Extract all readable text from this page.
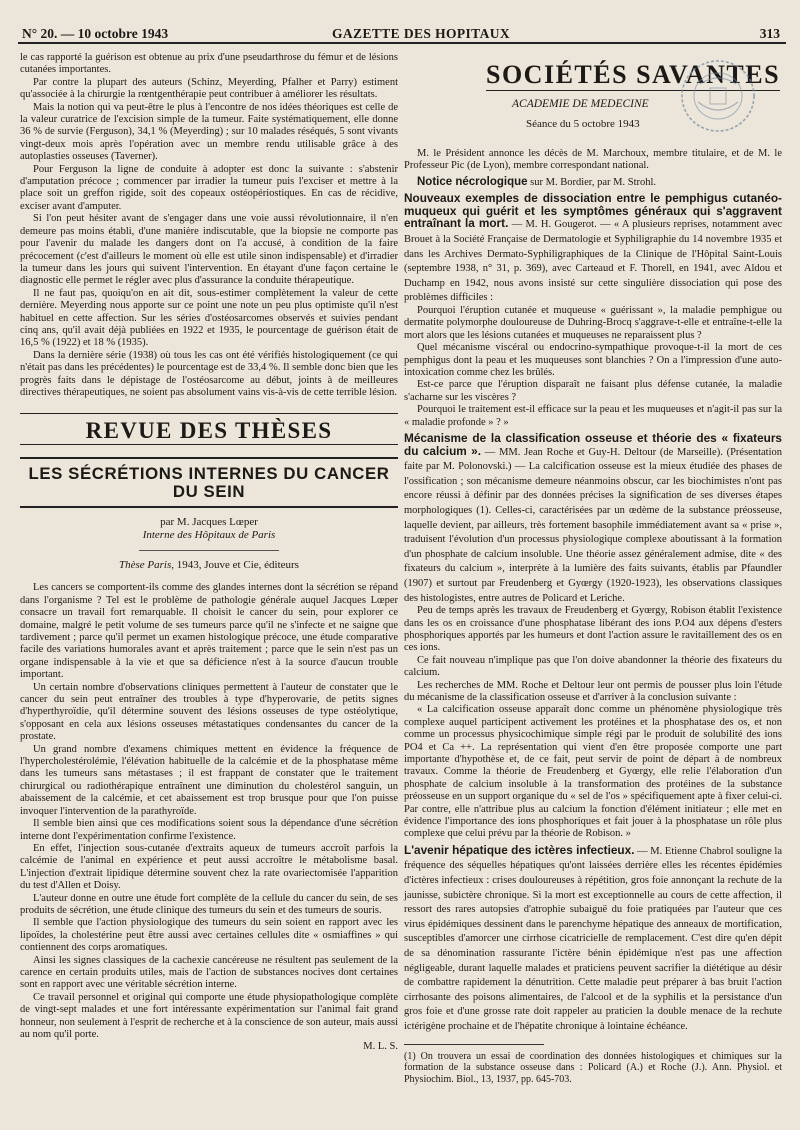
N° 20. — 10 octobre 1943	GAZETTE DES HOPITAUX	313

le cas rapporté la guérison est obtenue au prix d'une pseudarthrose du fémur et de lésions cutanées importantes.

Par contre la plupart des auteurs (Schinz, Meyerding, Pfalher et Parry) estiment qu'associée à la chirurgie la rœntgenthérapie peut contribuer à améliorer les résultats.

Mais la notion qui va peut-être le plus à l'encontre de nos idées théoriques est celle de la valeur curatrice de l'excision simple de la tumeur. Faite systématiquement, elle donne 36 % de survie (Ferguson), 34,1 % (Meyerding) ; sur 10 malades réséqués, 5 sont vivants vingt-deux mois après l'opération avec un membre rendu utilisable grâce à des autoplasties osseuses (Taverner).

Pour Ferguson la ligne de conduite à adopter est donc la suivante : s'abstenir d'amputation précoce ; commencer par irradier la tumeur puis l'exciser et mettre à la place soit un greffon rigide, soit des copeaux ostéopériostiques. En cas de récidive, exciser avant d'amputer.

Si l'on peut hésiter avant de s'engager dans une voie aussi révolutionnaire, il n'en demeure pas moins établi, d'une manière indiscutable, que la biopsie ne comporte pas pour l'avenir du malade les dangers dont on l'a accusé, à condition de la faire précocement (c'est d'ailleurs le moment où elle est utile sinon indispensable) et d'irradier la tumeur dans les jours qui suivent l'intervention. En étayant d'une façon certaine le diagnostic elle permet le régler avec plus d'assurance la conduite thérapeutique.

Il ne faut pas, quoiqu'on en ait dit, sous-estimer complètement la valeur de cette dernière. Meyerding nous apporte sur ce point une note un peu plus optimiste qu'il n'est habituel en cette affection. Sur les séries d'ostéosarcomes observés et suivies pendant cinq ans, qu'il avait déjà publiées en 1922 et 1935, le pourcentage de guérison était de 16,5 % (1922) et 18 % (1935).

Dans la dernière série (1938) où tous les cas ont été vérifiés histologiquement (ce qui n'était pas dans les précédentes) le pourcentage est de 33,4 %. Il semble donc bien que les progrès faits dans le dépistage de l'ostéosarcome au début, joints à de meilleures directives thérapeutiques, ne soient pas absolument vains vis-à-vis de cette terrible lésion.

REVUE DES THÈSES
LES SÉCRÉTIONS INTERNES DU CANCER DU SEIN
par M. Jacques Lœper
Interne des Hôpitaux de Paris
Thèse Paris, 1943, Jouve et Cie, éditeurs

Les cancers se comportent-ils comme des glandes internes dont la sécrétion se répand dans l'organisme ? Tel est le problème de pathologie générale auquel Jacques Lœper consacre un travail fort remarquable. Il choisit le cancer du sein, pour explorer ce domaine, malgré le petit volume de ses tumeurs parce qu'il ne s'infecte et ne saigne que tardivement ; parce qu'il permet un examen histologique précoce, une étude comparative facile des variations humorales avant et après traitement ; parce que le sein n'est pas un organe indispensable à la vie et que sa déficience n'est à la source d'aucun trouble important.

Un certain nombre d'observations cliniques permettent à l'auteur de constater que le cancer du sein peut entraîner des troubles à type d'hyperovarie, de petits signes d'hyperthyroïdie, qu'il détermine souvent des lésions osseuses de type ostéolytique, s'opposant en cela aux lésions osseuses métastatiques condensantes du cancer de la prostate.

Un grand nombre d'examens chimiques mettent en évidence la fréquence de l'hypercholestérolémie, l'élévation habituelle de la calcémie et de la phosphatase même dans les tumeurs sans métastases ; il est frappant de constater que le traitement chirurgical ou radiothérapique entraînent une diminution du cholestérol sanguin, un abaissement de la calcémie, et cet abaissement est trop brusque pour que l'on puisse invoquer l'intervention de la parathyroïde.

Il semble bien ainsi que ces modifications soient sous la dépendance d'une sécrétion interne dont l'expérimentation confirme l'existence.

En effet, l'injection sous-cutanée d'extraits aqueux de tumeurs accroît parfois la calcémie de l'animal en expérience et peut aussi accroître le métabolisme basal. L'injection d'extrait lipidique détermine souvent chez la rate ovariectomisée l'apparition du test d'Allen et Doisy.

L'auteur donne en outre une étude fort complète de la cellule du cancer du sein, de ses produits de sécrétion, une étude clinique des tumeurs du sein et des tumeurs de souris.

Il semble que l'action physiologique des tumeurs du sein soient en rapport avec les lipoïdes, la cholestérine peut être aussi avec certaines cellules dite « osmiaffines » qui contiennent des corps aromatiques.

Ainsi les signes classiques de la cachexie cancéreuse ne résultent pas seulement de la carence en certain produits utiles, mais de l'action de substances nocives dont certaines sont en rapport avec une véritable sécrétion interne.

Ce travail personnel et original qui comporte une étude physiopathologique complète de vingt-sept malades et une fort intéressante expérimentation sur l'animal fait grand honneur, non seulement à l'esprit de recherche et à la conscience de son auteur, mais aussi au nom qu'il porte.

M. L. S.
SOCIÉTÉS SAVANTES
ACADEMIE DE MEDECINE
Séance du 5 octobre 1943

M. le Président annonce les décès de M. Marchoux, membre titulaire, et de M. le Professeur Pic (de Lyon), membre correspondant national.

Notice nécrologique sur M. Bordier, par M. Strohl.

Nouveaux exemples de dissociation entre le pemphigus cutanéo-muqueux qui guérit et les symptômes généraux qui s'aggravent entraînant la mort. — M. H. Gougerot. — « A plusieurs reprises, notamment avec Brouet à la Société Française de Dermatologie et Syphiligraphie du 14 novembre 1935 et dans les Archives Dermato-Syphiligraphiques de la Clinique de l'Hôpital Saint-Louis (septembre 1938, n° 31, p. 369), avec Carteaud et F. Thorell, en 1941, avec Aldou et Duchamp en 1942, nous avons insisté sur cette singulière dissociation qui pose des problèmes difficiles :

Pourquoi l'éruption cutanée et muqueuse « guérissant », la maladie pemphigue ou dermatite polymorphe douloureuse de Duhring-Brocq s'aggrave-t-elle et entraîne-t-elle la mort alors que les lésions cutanées et muqueuses ne reparaissent plus ?

Quel mécanisme viscéral ou endocrino-sympathique provoque-t-il la mort de ces pemphigus dont la peau et les muqueuses sont blanchies ? On a l'impression d'une auto-intoxication comme chez les brûlés.

Est-ce parce que l'éruption disparaît ne faisant plus défense cutanée, la maladie s'acharne sur les viscères ?

Pourquoi le traitement est-il efficace sur la peau et les muqueuses et n'agit-il pas sur la « maladie profonde » ? »

Mécanisme de la classification osseuse et théorie des « fixateurs du calcium ». — MM. Jean Roche et Guy-H. Deltour (de Marseille). (Présentation faite par M. Polonovski.) — La calcification osseuse est la mieux étudiée des phases de l'ossification ; son mécanisme demeure néanmoins obscur, car les biochimistes n'ont pas encore réussi à définir par des données précises la signification de ses diverses étapes morphologiques (1). Celles-ci, caractérisées par un œdème de la substance préosseuse, laquelle devient, par ailleurs, très fortement basophile immédiatement avant sa « prise », traduisent l'évolution d'un processus physiologique complexe aboutissant à la formation d'un phosphate de calcium insoluble. Une théorie assez généralement admise, dite « des fixateurs du calcium », interprète à la lumière des faits suivants, établis par Pfaundler (1907) et surtout par Freudenberg et Gyœrgy (1920-1923), les observations classiques des histologistes, entre autres de Policard et Leriche.

Peu de temps après les travaux de Freudenberg et Gyœrgy, Robison établit l'existence dans les os en croissance d'une phosphatase libérant des ions P.O4 aux dépens d'esters phosphoriques apportés par les humeurs et dont l'action assure le ravitaillement des os en ces ions.

Ce fait nouveau n'implique pas que l'on doive abandonner la théorie des fixateurs du calcium.

Les recherches de MM. Roche et Deltour leur ont permis de pousser plus loin l'étude du mécanisme de la classification osseuse et d'arriver à la conclusion suivante :

« La calcification osseuse apparaît donc comme un phénomène physiologique très complexe auquel participent activement les protéines et la phosphatase des os, et non comme un processus physicochimique simple régi par le produit de solubilité des ions PO4 et Ca ++. La représentation qui vient d'en être proposée comporte une part importante d'hypothèse et, de ce fait, peut servir de point de départ à de nombreux travaux. Comme la théorie de Freudenberg et Gyœrgy, elle relie l'élaboration d'un phosphate de calcium insoluble à la transformation des protéines de la substance préosseuse en un support organique du « sel de l'os » spécifiquement apte à fixer celui-ci. Par contre, elle n'attribue plus au calcium la fonction d'élément initiateur ; elle met en évidence l'importance des ions phosphoriques et fait jouer à la phosphatase un rôle plus complexe que celui prévu par la théorie de Robison. »

L'avenir hépatique des ictères infectieux. — M. Etienne Chabrol souligne la fréquence des séquelles hépatiques qu'ont laissées derrière elles les récentes épidémies d'ictères infectieux : crises douloureuses à répétition, gros foie annonçant la rechute de la jaunisse, subictère chronique. Si la mort est exceptionnelle au cours de cette affection, il ressort des rares autopsies d'atrophie subaiguë du foie pratiquées par l'auteur que ces virus épidémiques dessinent dans le parenchyme hépatique des anneaux de mortification, susceptibles d'amorcer une cirrhose cicatricielle de remplacement. C'est dire qu'en dépit de sa dénomination rassurante l'ictère bénin épidémique n'est pas une affection négligeable, durant laquelle malades et praticiens peuvent sacrifier la diététique au désir de combattre rapidement la dénutrition. Cette maladie peut préparer à bas bruit l'action cirrhosante des poisons alimentaires, de l'alcool et de la syphilis et la persistance d'un gros foie et d'une grosse rate doit rappeler au praticien la double menace de la rechute ictérigène prochaine et de l'hépatite chronique à lointaine échéance.

(1) On trouvera un essai de coordination des données histologiques et chimiques sur la formation de la substance osseuse dans : Policard (A.) et Roche (J.). Ann. Physiol. et Physiochim. Biol., 13, 1937, pp. 645-703.
